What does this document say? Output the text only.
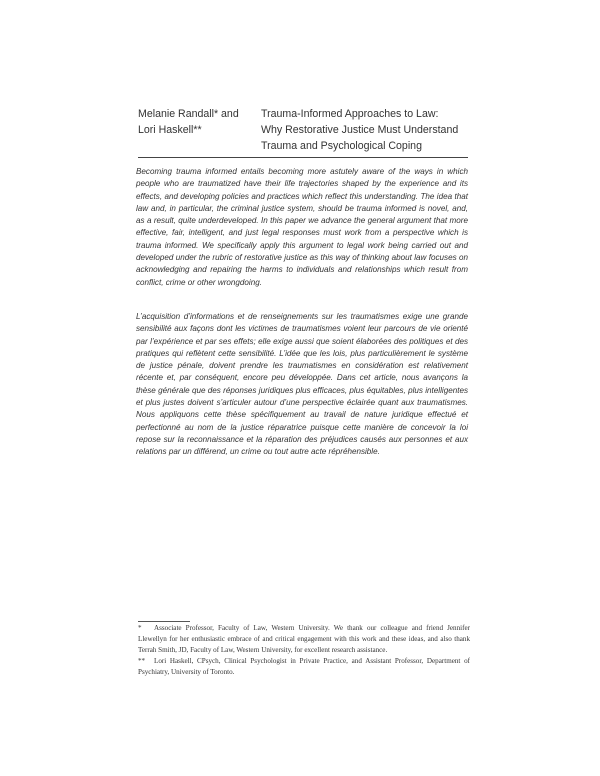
Melanie Randall* and
Lori Haskell**
Trauma-Informed Approaches to Law:
Why Restorative Justice Must Understand
Trauma and Psychological Coping

Becoming trauma informed entails becoming more astutely aware of the ways in which people who are traumatized have their life trajectories shaped by the experience and its effects, and developing policies and practices which reflect this understanding. The idea that law and, in particular, the criminal justice system, should be trauma informed is novel, and, as a result, quite underdeveloped. In this paper we advance the general argument that more effective, fair, intelligent, and just legal responses must work from a perspective which is trauma informed. We specifically apply this argument to legal work being carried out and developed under the rubric of restorative justice as this way of thinking about law focuses on acknowledging and repairing the harms to individuals and relationships which result from conflict, crime or other wrongdoing.

L’acquisition d’informations et de renseignements sur les traumatismes exige une grande sensibilité aux façons dont les victimes de traumatismes voient leur parcours de vie orienté par l’expérience et par ses effets; elle exige aussi que soient élaborées des politiques et des pratiques qui reflètent cette sensibilité. L’idée que les lois, plus particulièrement le système de justice pénale, doivent prendre les traumatismes en considération est relativement récente et, par conséquent, encore peu développée. Dans cet article, nous avançons la thèse générale que des réponses juridiques plus efficaces, plus équitables, plus intelligentes et plus justes doivent s’articuler autour d’une perspective éclairée quant aux traumatismes. Nous appliquons cette thèse spécifiquement au travail de nature juridique effectué et perfectionné au nom de la justice réparatrice puisque cette manière de concevoir la loi repose sur la reconnaissance et la réparation des préjudices causés aux personnes et aux relations par un différend, un crime ou tout autre acte répréhensible.

* Associate Professor, Faculty of Law, Western University. We thank our colleague and friend Jennifer Llewellyn for her enthusiastic embrace of and critical engagement with this work and these ideas, and also thank Terrah Smith, JD, Faculty of Law, Western University, for excellent research assistance.

** Lori Haskell, CPsych, Clinical Psychologist in Private Practice, and Assistant Professor, Department of Psychiatry, University of Toronto.
